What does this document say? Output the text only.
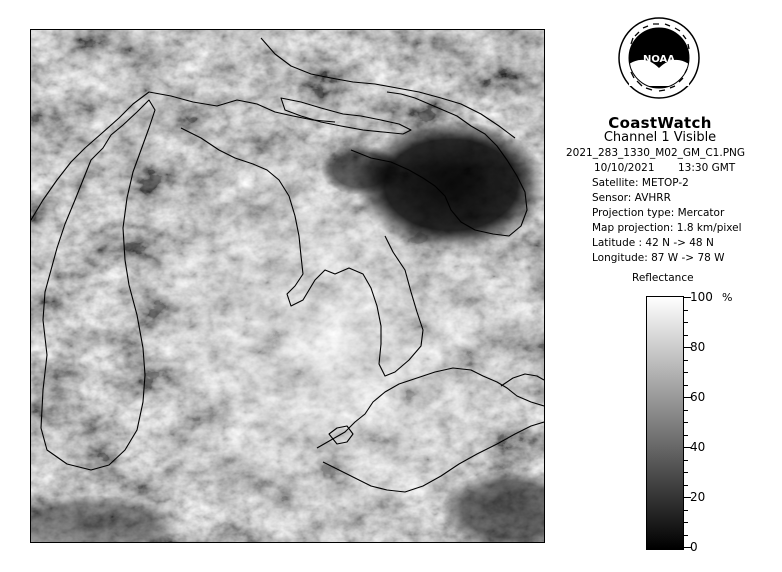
NOAA
CoastWatch
Channel 1 Visible
2021_283_1330_M02_GM_C1.PNG
10/10/2021 13:30 GMT
Satellite: METOP-2
Sensor: AVHRR
Projection type: Mercator
Map projection: 1.8 km/pixel
Latitude : 42 N -> 48 N
Longitude: 87 W -> 78 W
Reflectance
100
80
60
40
20
0
%
